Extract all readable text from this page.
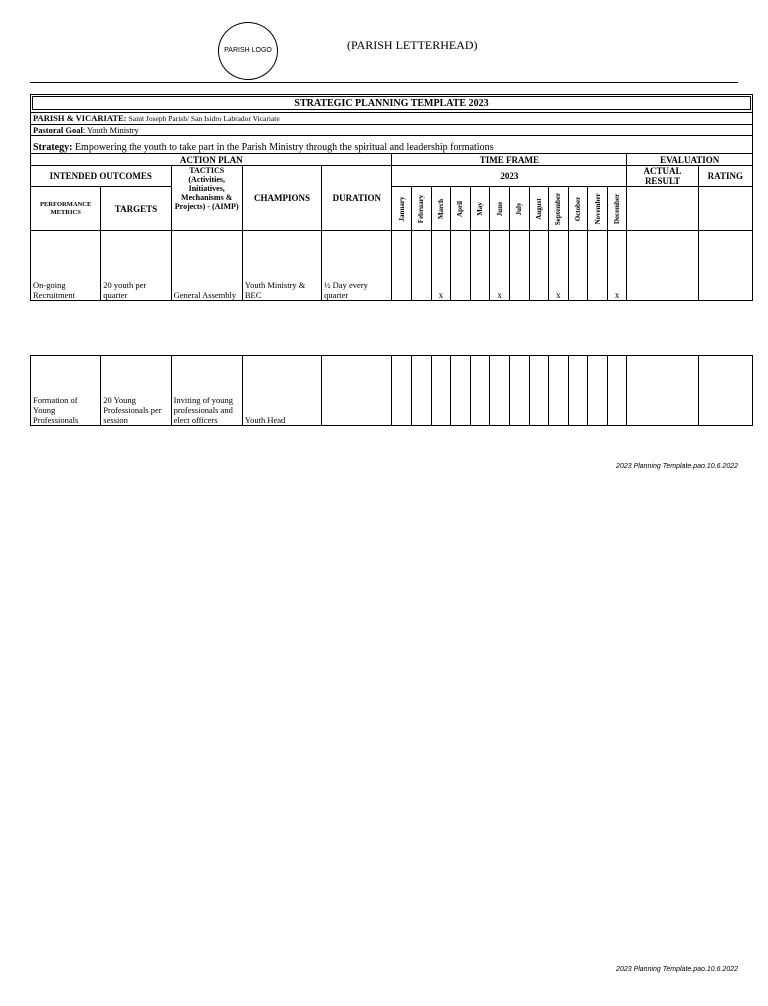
PARISH LOGO	(PARISH LETTERHEAD)
STRATEGIC PLANNING TEMPLATE 2023																		

PARISH & VICARIATE: Saint Joseph Parish/ San Isidro Labrador Vicariate																		
Pastoral Goal: Youth Ministry																		
Strategy: Empowering the youth to take part in the Parish Ministry through the spiritual and leadership formations																		
ACTION PLAN					TIME FRAME												EVALUATION	
INTENDED OUTCOMES		TACTICS (Activities, Initiatives, Mechanisms & Projects) - (AIMP)	CHAMPIONS	DURATION	2023												ACTUAL RESULT	RATING
PERFORMANCE METRICS	TARGETS				January	February	March	April	May	June	July	August	September	October	November	December		

On-going Recruitment	20 youth per quarter	General Assembly	Youth Ministry & BEC	½ Day every quarter			x			x			x			x		
Formation of Young Professionals	20 Young Professionals per session	Inviting of young professionals and elect officers	Youth Head															
2023 Planning Template.pao.10.6.2022
2023 Planning Template.pao.10.6.2022
